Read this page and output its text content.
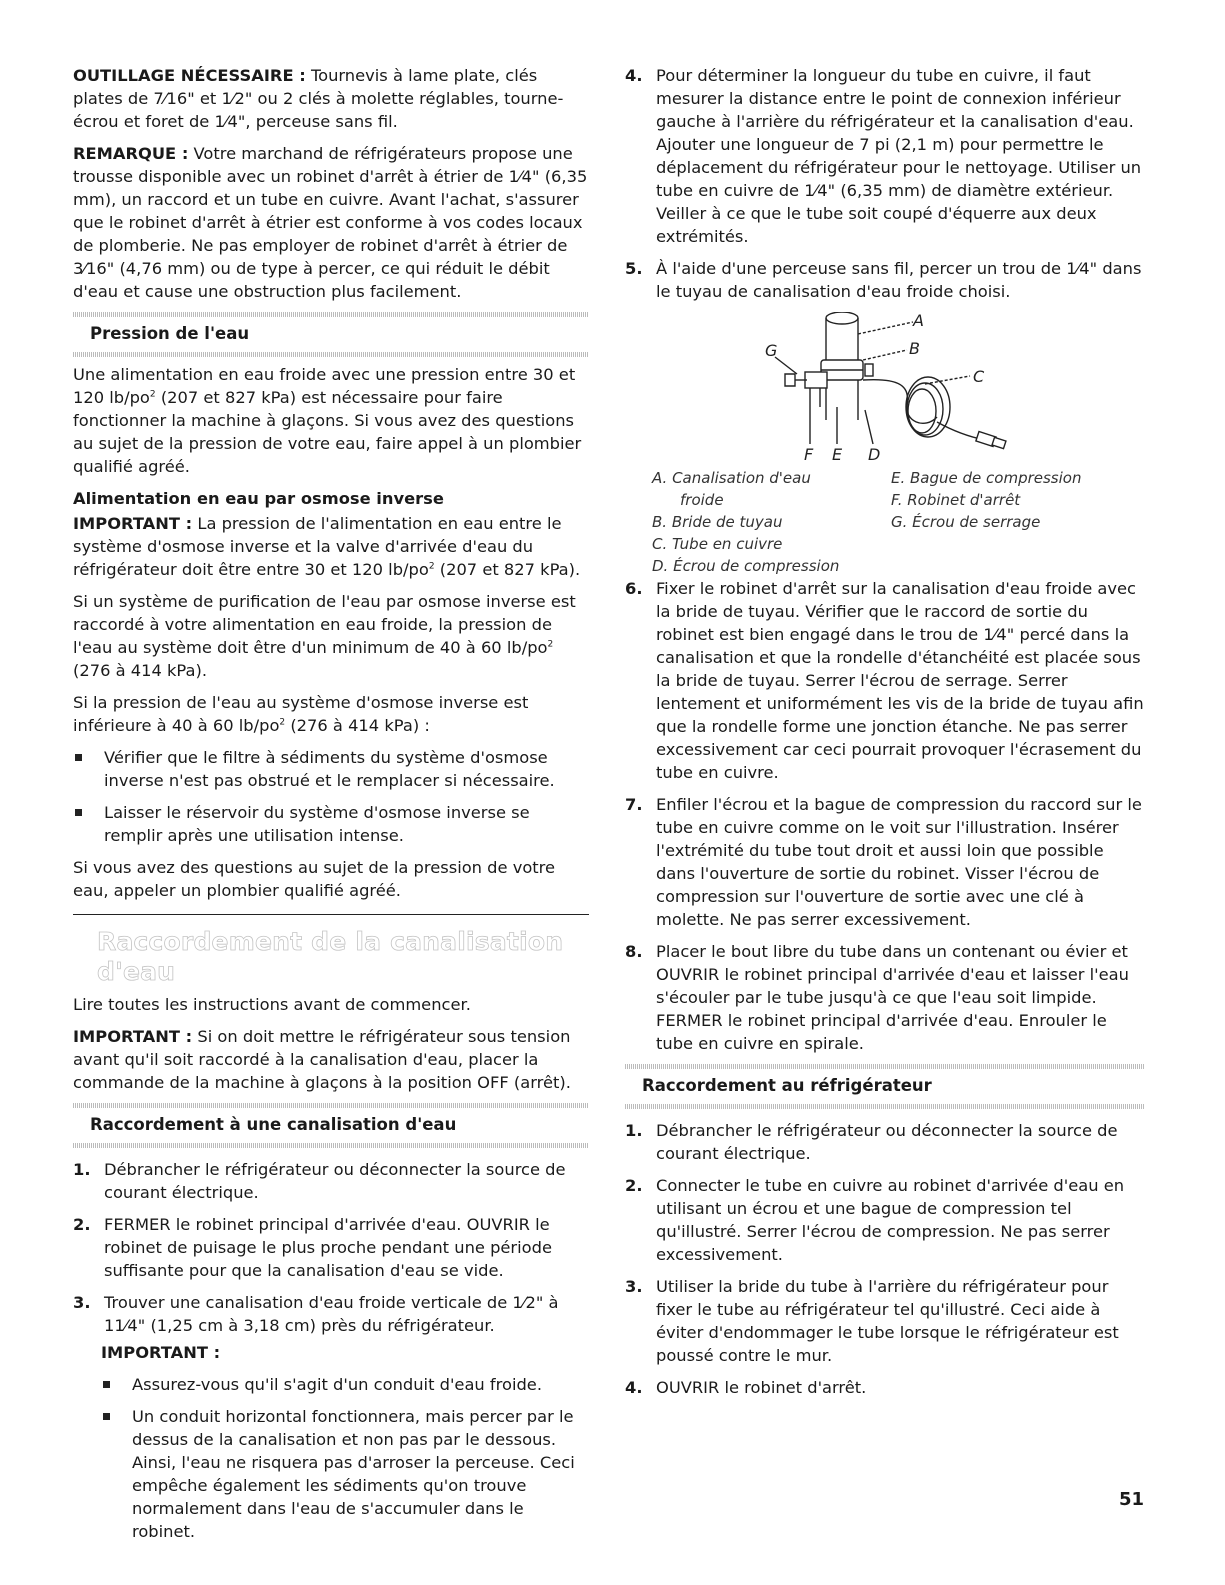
OUTILLAGE NÉCESSAIRE : Tournevis à lame plate, clés plates de 7⁄16" et 1⁄2" ou 2 clés à molette réglables, tourne-écrou et foret de 1⁄4", perceuse sans fil.

REMARQUE : Votre marchand de réfrigérateurs propose une trousse disponible avec un robinet d'arrêt à étrier de 1⁄4" (6,35 mm), un raccord et un tube en cuivre. Avant l'achat, s'assurer que le robinet d'arrêt à étrier est conforme à vos codes locaux de plomberie. Ne pas employer de robinet d'arrêt à étrier de 3⁄16" (4,76 mm) ou de type à percer, ce qui réduit le débit d'eau et cause une obstruction plus facilement.

Pression de l'eau

Une alimentation en eau froide avec une pression entre 30 et 120 $lb/po^2$ (207 et 827 kPa) est nécessaire pour faire fonctionner la machine à glaçons. Si vous avez des questions au sujet de la pression de votre eau, faire appel à un plombier qualifié agréé.

Alimentation en eau par osmose inverse

IMPORTANT : La pression de l'alimentation en eau entre le système d'osmose inverse et la valve d'arrivée d'eau du réfrigérateur doit être entre 30 et 120 $lb/po^2$ (207 et 827 kPa).

Si un système de purification de l'eau par osmose inverse est raccordé à votre alimentation en eau froide, la pression de l'eau au système doit être d'un minimum de 40 à 60 $lb/po^2$ (276 à 414 kPa).

Si la pression de l'eau au système d'osmose inverse est inférieure à 40 à 60 $lb/po^2$ (276 à 414 kPa) :

Vérifier que le filtre à sédiments du système d'osmose inverse n'est pas obstrué et le remplacer si nécessaire.
Laisser le réservoir du système d'osmose inverse se remplir après une utilisation intense.

Si vous avez des questions au sujet de la pression de votre eau, appeler un plombier qualifié agréé.

Raccordement de la canalisation d'eau

Lire toutes les instructions avant de commencer.

IMPORTANT : Si on doit mettre le réfrigérateur sous tension avant qu'il soit raccordé à la canalisation d'eau, placer la commande de la machine à glaçons à la position OFF (arrêt).

Raccordement à une canalisation d'eau
1. Débrancher le réfrigérateur ou déconnecter la source de courant électrique.
2. FERMER le robinet principal d'arrivée d'eau. OUVRIR le robinet de puisage le plus proche pendant une période suffisante pour que la canalisation d'eau se vide.
3. Trouver une canalisation d'eau froide verticale de 1⁄2" à 11⁄4" (1,25 cm à 3,18 cm) près du réfrigérateur.
IMPORTANT :
Assurez-vous qu'il s'agit d'un conduit d'eau froide.
Un conduit horizontal fonctionnera, mais percer par le dessus de la canalisation et non pas par le dessous. Ainsi, l'eau ne risquera pas d'arroser la perceuse. Ceci empêche également les sédiments qu'on trouve normalement dans l'eau de s'accumuler dans le robinet.
4. Pour déterminer la longueur du tube en cuivre, il faut mesurer la distance entre le point de connexion inférieur gauche à l'arrière du réfrigérateur et la canalisation d'eau. Ajouter une longueur de 7 pi (2,1 m) pour permettre le déplacement du réfrigérateur pour le nettoyage. Utiliser un tube en cuivre de 1⁄4" (6,35 mm) de diamètre extérieur. Veiller à ce que le tube soit coupé d'équerre aux deux extrémités.
5. À l'aide d'une perceuse sans fil, percer un trou de 1⁄4" dans le tuyau de canalisation d'eau froide choisi.
A
B
C
G
F E D
A. Canalisation d'eau
froide
B. Bride de tuyau
C. Tube en cuivre
D. Écrou de compression
E. Bague de compression
F. Robinet d'arrêt
G. Écrou de serrage
6. Fixer le robinet d'arrêt sur la canalisation d'eau froide avec la bride de tuyau. Vérifier que le raccord de sortie du robinet est bien engagé dans le trou de 1⁄4" percé dans la canalisation et que la rondelle d'étanchéité est placée sous la bride de tuyau. Serrer l'écrou de serrage. Serrer lentement et uniformément les vis de la bride de tuyau afin que la rondelle forme une jonction étanche. Ne pas serrer excessivement car ceci pourrait provoquer l'écrasement du tube en cuivre.
7. Enfiler l'écrou et la bague de compression du raccord sur le tube en cuivre comme on le voit sur l'illustration. Insérer l'extrémité du tube tout droit et aussi loin que possible dans l'ouverture de sortie du robinet. Visser l'écrou de compression sur l'ouverture de sortie avec une clé à molette. Ne pas serrer excessivement.
8. Placer le bout libre du tube dans un contenant ou évier et OUVRIR le robinet principal d'arrivée d'eau et laisser l'eau s'écouler par le tube jusqu'à ce que l'eau soit limpide. FERMER le robinet principal d'arrivée d'eau. Enrouler le tube en cuivre en spirale.
Raccordement au réfrigérateur
1. Débrancher le réfrigérateur ou déconnecter la source de courant électrique.
2. Connecter le tube en cuivre au robinet d'arrivée d'eau en utilisant un écrou et une bague de compression tel qu'illustré. Serrer l'écrou de compression. Ne pas serrer excessivement.
3. Utiliser la bride du tube à l'arrière du réfrigérateur pour fixer le tube au réfrigérateur tel qu'illustré. Ceci aide à éviter d'endommager le tube lorsque le réfrigérateur est poussé contre le mur.
4. OUVRIR le robinet d'arrêt.
51
